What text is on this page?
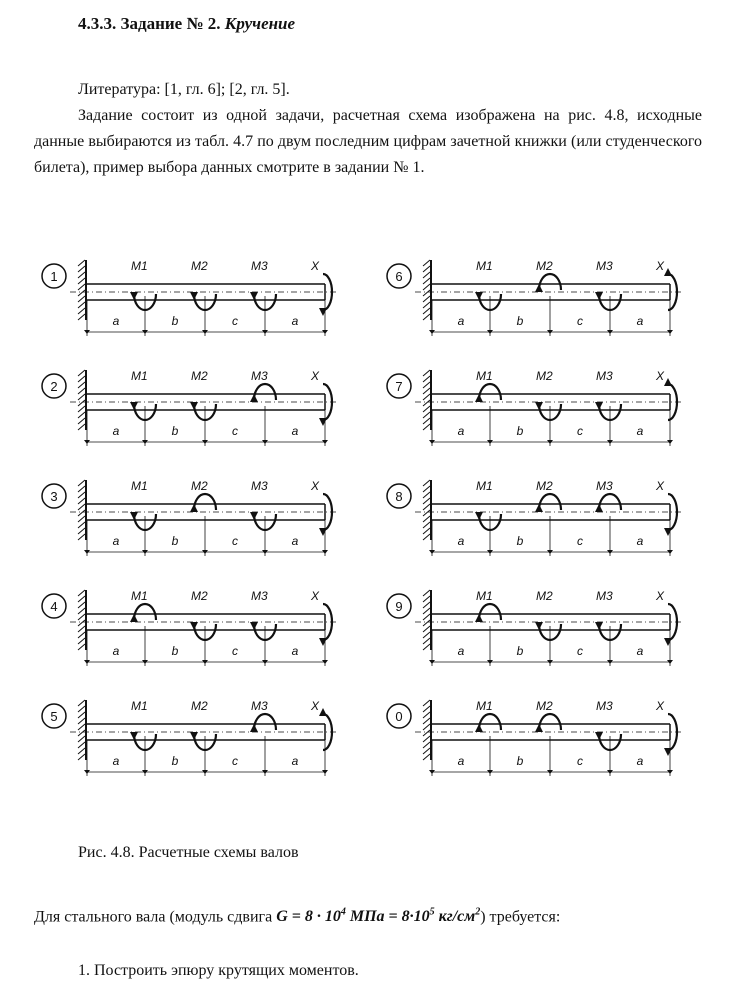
4.3.3. Задание № 2. Кручение
Литература: [1, гл. 6]; [2, гл. 5].
Задание состоит из одной задачи, расчетная схема изображена на рис. 4.8, исходные данные выбираются из табл. 4.7 по двум последним цифрам зачетной книжки (или студенческого билета), пример выбора данных смотрите в задании № 1.
1
M1	M2	M3	X
a	b	c	a
2
M1	M2	M3	X
a	b	c	a
3
M1	M2	M3	X
a	b	c	a
4
M1	M2	M3	X
a	b	c	a
5
M1	M2	M3	X
a	b	c	a
6
M1	M2	M3	X
a	b	c	a
7
M1	M2	M3	X
a	b	c	a
8
M1	M2	M3	X
a	b	c	a
9
M1	M2	M3	X
a	b	c	a
0
M1	M2	M3	X
a	b	c	a
Рис. 4.8. Расчетные схемы валов
Для стального вала (модуль сдвига $G = 8 \cdot 10^4$ МПа = $8\cdot 10^5$ $кг/см^2$) требуется:
1. Построить эпюру крутящих моментов.
